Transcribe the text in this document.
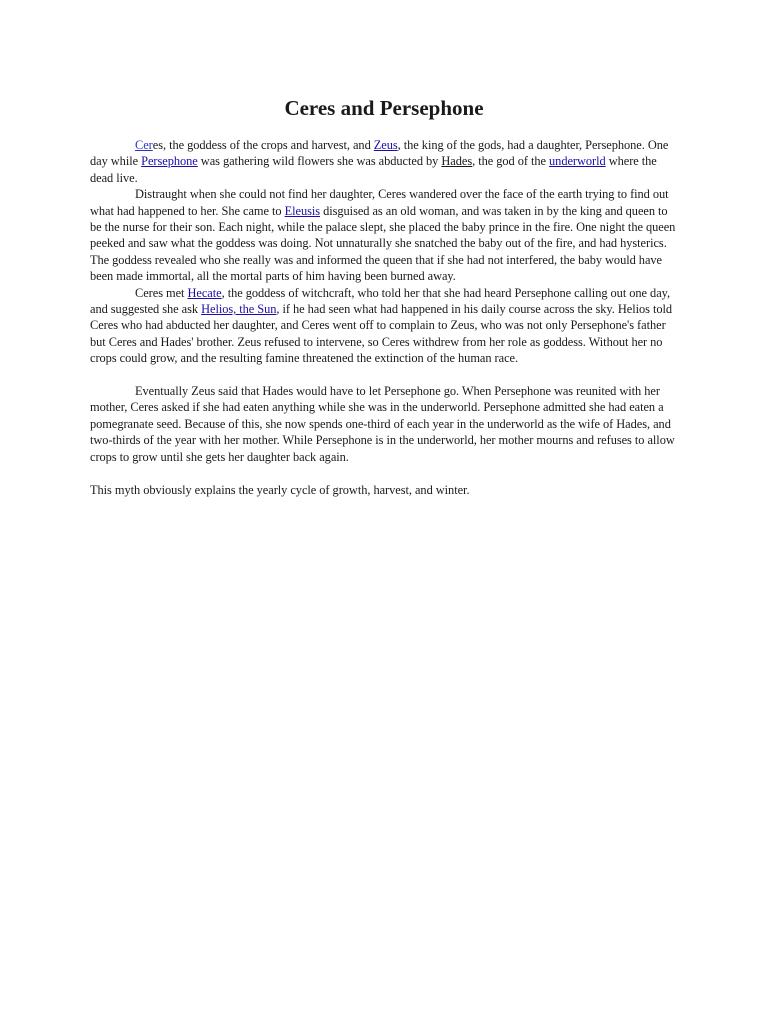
Ceres and Persephone

Ceres, the goddess of the crops and harvest, and Zeus, the king of the gods, had a daughter, Persephone. One day while Persephone was gathering wild flowers she was abducted by Hades, the god of the underworld where the dead live.

Distraught when she could not find her daughter, Ceres wandered over the face of the earth trying to find out what had happened to her. She came to Eleusis disguised as an old woman, and was taken in by the king and queen to be the nurse for their son. Each night, while the palace slept, she placed the baby prince in the fire. One night the queen peeked and saw what the goddess was doing. Not unnaturally she snatched the baby out of the fire, and had hysterics. The goddess revealed who she really was and informed the queen that if she had not interfered, the baby would have been made immortal, all the mortal parts of him having been burned away.

Ceres met Hecate, the goddess of witchcraft, who told her that she had heard Persephone calling out one day, and suggested she ask Helios, the Sun, if he had seen what had happened in his daily course across the sky. Helios told Ceres who had abducted her daughter, and Ceres went off to complain to Zeus, who was not only Persephone's father but Ceres and Hades' brother. Zeus refused to intervene, so Ceres withdrew from her role as goddess. Without her no crops could grow, and the resulting famine threatened the extinction of the human race.

Eventually Zeus said that Hades would have to let Persephone go. When Persephone was reunited with her mother, Ceres asked if she had eaten anything while she was in the underworld. Persephone admitted she had eaten a pomegranate seed. Because of this, she now spends one-third of each year in the underworld as the wife of Hades, and two-thirds of the year with her mother. While Persephone is in the underworld, her mother mourns and refuses to allow crops to grow until she gets her daughter back again.

This myth obviously explains the yearly cycle of growth, harvest, and winter.
